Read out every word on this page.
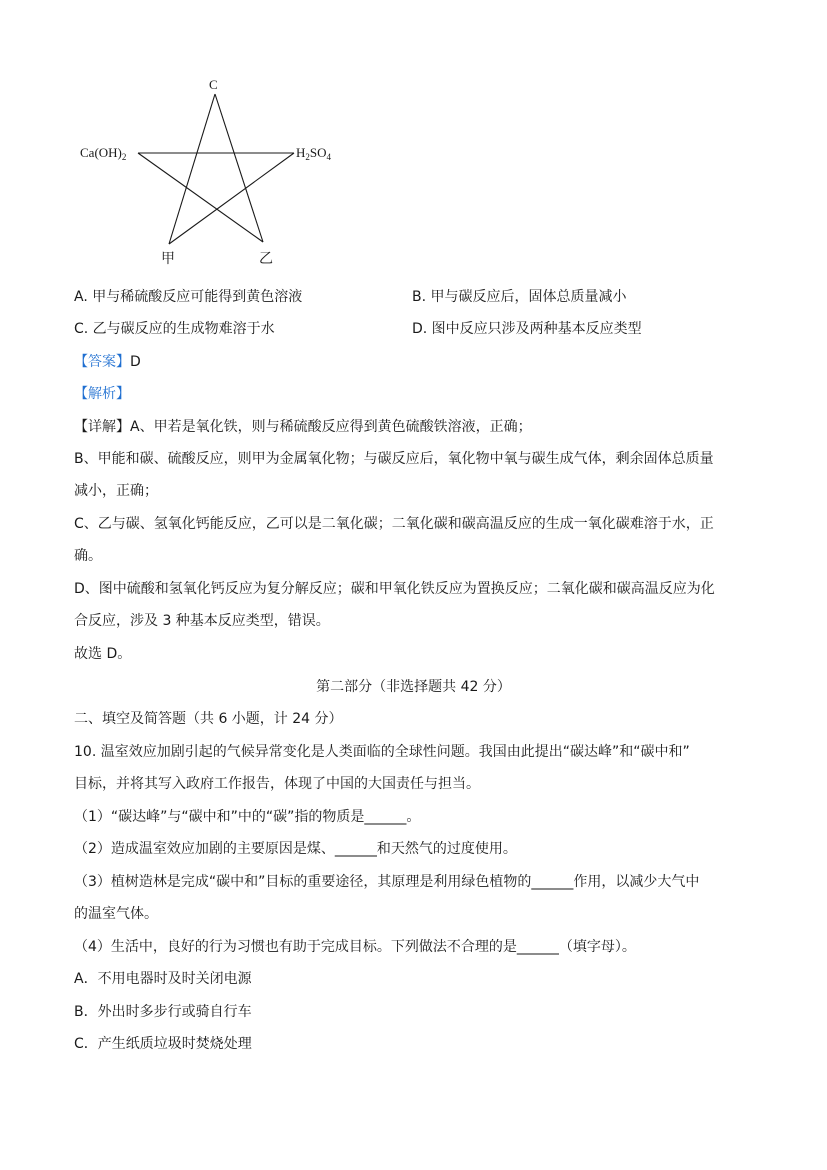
C
$Ca(OH)_2$	$H_2SO_4$
甲	乙
A. 甲与稀硫酸反应可能得到黄色溶液	B. 甲与碳反应后，固体总质量减小
C. 乙与碳反应的生成物难溶于水	D. 图中反应只涉及两种基本反应类型
【答案】D
【解析】
【详解】A、甲若是氧化铁，则与稀硫酸反应得到黄色硫酸铁溶液，正确；
B、甲能和碳、硫酸反应，则甲为金属氧化物；与碳反应后，氧化物中氧与碳生成气体，剩余固体总质量
减小，正确；
C、乙与碳、氢氧化钙能反应，乙可以是二氧化碳；二氧化碳和碳高温反应的生成一氧化碳难溶于水，正
确。
D、图中硫酸和氢氧化钙反应为复分解反应；碳和甲氧化铁反应为置换反应；二氧化碳和碳高温反应为化
合反应，涉及 3 种基本反应类型，错误。
故选 D。
第二部分（非选择题共 42 分）
二、填空及简答题（共 6 小题，计 24 分）
10. 温室效应加剧引起的气候异常变化是人类面临的全球性问题。我国由此提出“碳达峰”和“碳中和”
目标，并将其写入政府工作报告，体现了中国的大国责任与担当。
（1）“碳达峰”与“碳中和”中的“碳”指的物质是______。
（2）造成温室效应加剧的主要原因是煤、______和天然气的过度使用。
（3）植树造林是完成“碳中和”目标的重要途径，其原理是利用绿色植物的______作用，以减少大气中
的温室气体。
（4）生活中，良好的行为习惯也有助于完成目标。下列做法不合理的是______（填字母）。
A．不用电器时及时关闭电源
B．外出时多步行或骑自行车
C．产生纸质垃圾时焚烧处理
